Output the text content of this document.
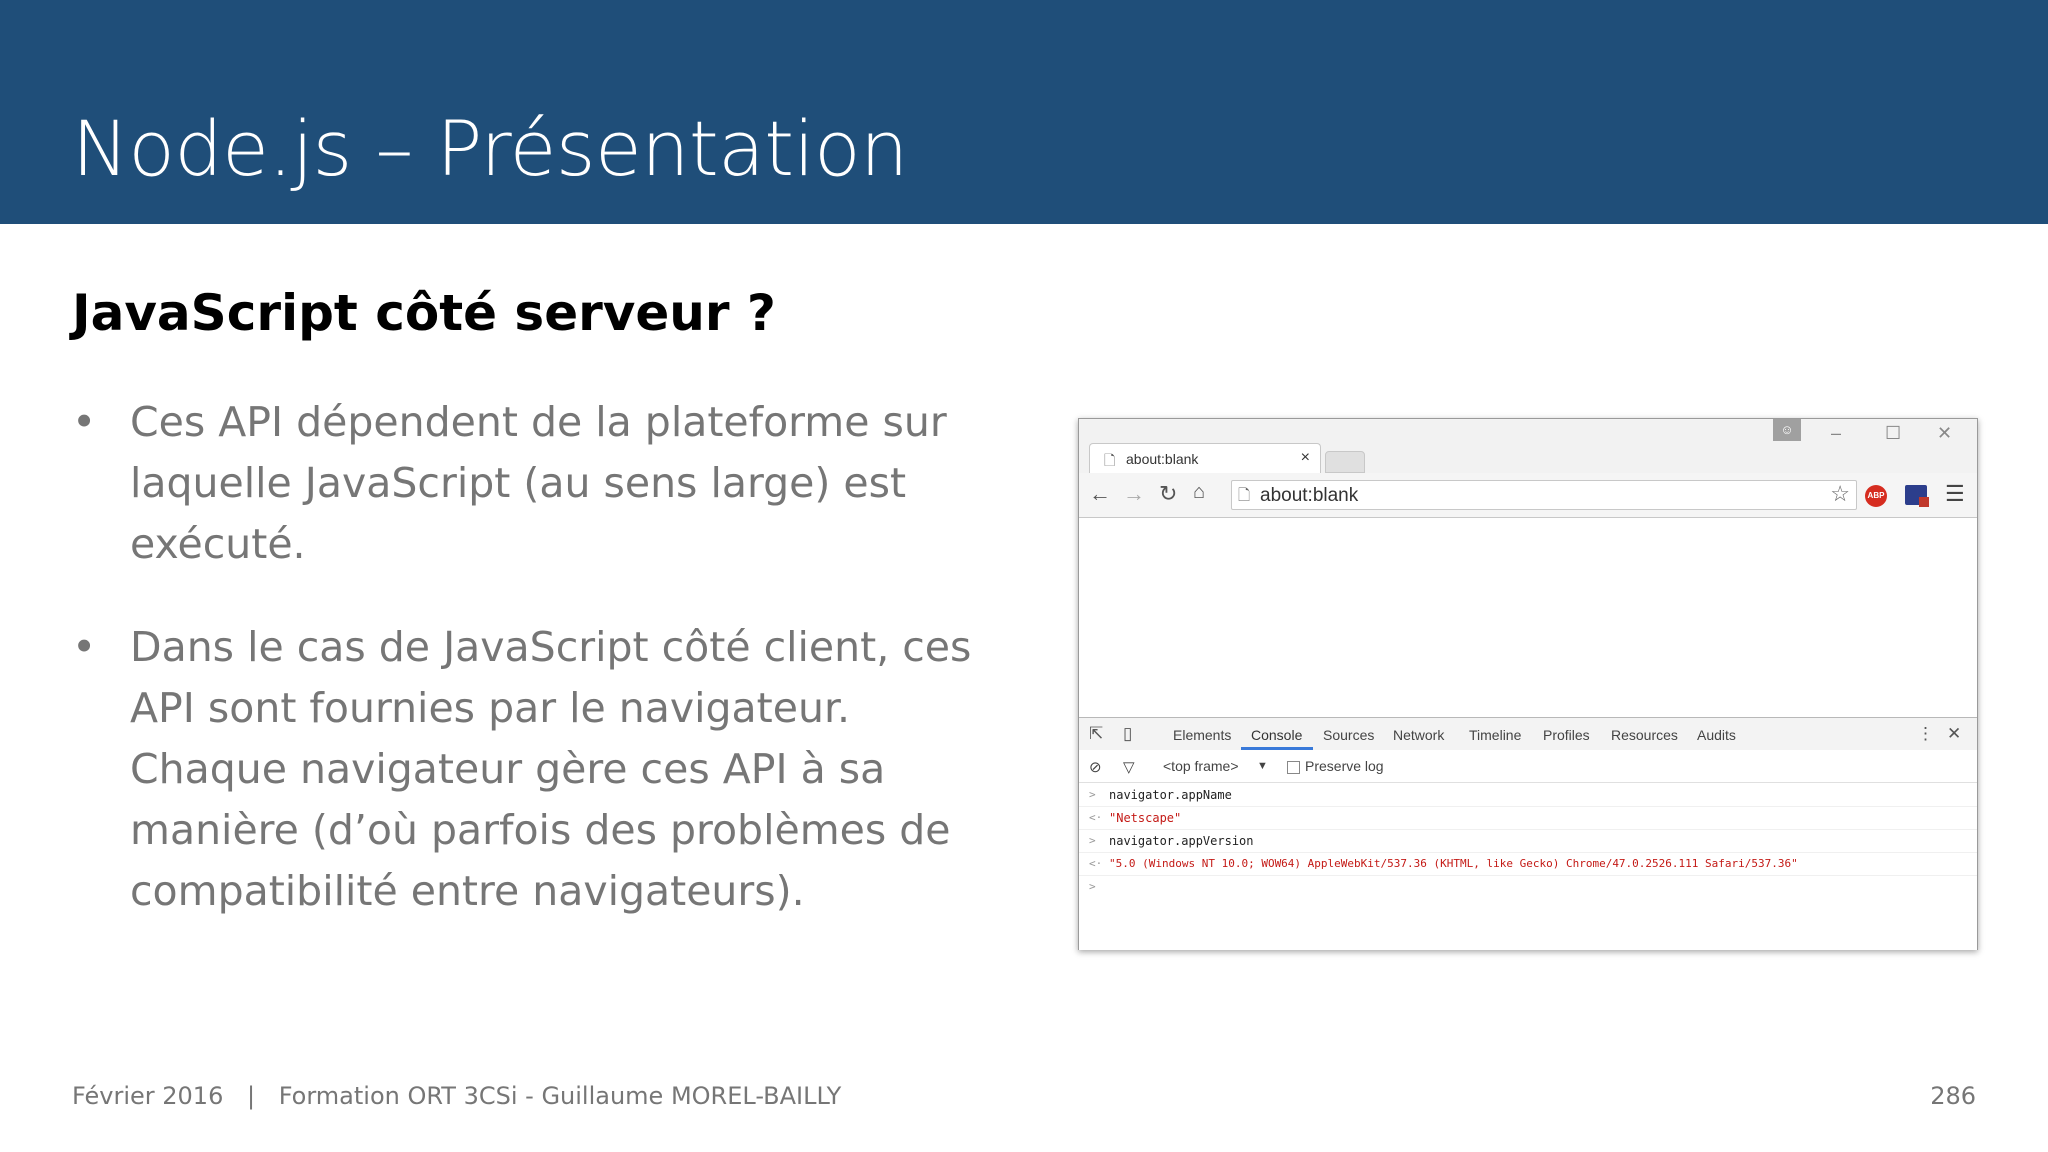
Node.js – Présentation
JavaScript côté serveur ?
• Ces API dépendent de la plateforme sur laquelle JavaScript (au sens large) est exécuté.
• Dans le cas de JavaScript côté client, ces API sont fournies par le navigateur. Chaque navigateur gère ces API à sa manière (d’où parfois des problèmes de compatibilité entre navigateurs).
🗋 about:blank	×
☺	– ☐ ✕
← → ↻ ⌂ 🗋 about:blank	☆	ABP	☰
⇱ ▯	Elements Console Sources Network Timeline Profiles Resources Audits	⋮ ✕
⊘ ▽ <top frame> ▼	Preserve log
> navigator.appName
<· "Netscape"
> navigator.appVersion
<· "5.0 (Windows NT 10.0; WOW64) AppleWebKit/537.36 (KHTML, like Gecko) Chrome/47.0.2526.111 Safari/537.36"
>
Février 2016 | Formation ORT 3CSi - Guillaume MOREL-BAILLY	286
